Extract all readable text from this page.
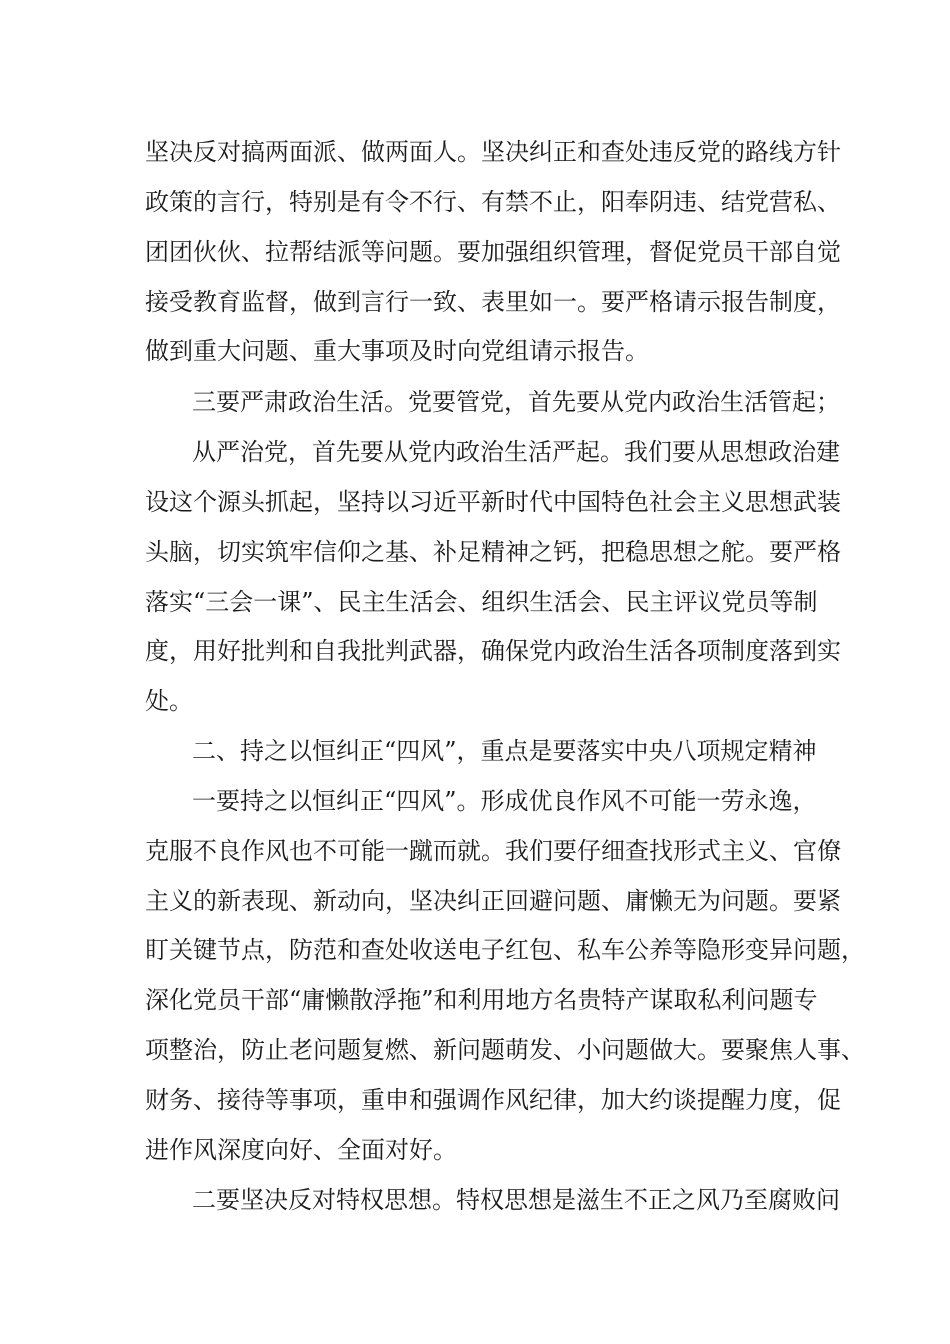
坚决反对搞两面派、做两面人。坚决纠正和查处违反党的路线方针

政策的言行，特别是有令不行、有禁不止，阳奉阴违、结党营私、

团团伙伙、拉帮结派等问题。要加强组织管理，督促党员干部自觉

接受教育监督，做到言行一致、表里如一。要严格请示报告制度，

做到重大问题、重大事项及时向党组请示报告。

三要严肃政治生活。党要管党，首先要从党内政治生活管起；

从严治党，首先要从党内政治生活严起。我们要从思想政治建

设这个源头抓起，坚持以习近平新时代中国特色社会主义思想武装

头脑，切实筑牢信仰之基、补足精神之钙，把稳思想之舵。要严格

落实“三会一课”、民主生活会、组织生活会、民主评议党员等制

度，用好批判和自我批判武器，确保党内政治生活各项制度落到实

处。

二、持之以恒纠正“四风”，重点是要落实中央八项规定精神

一要持之以恒纠正“四风”。形成优良作风不可能一劳永逸，

克服不良作风也不可能一蹴而就。我们要仔细查找形式主义、官僚

主义的新表现、新动向，坚决纠正回避问题、庸懒无为问题。要紧

盯关键节点，防范和查处收送电子红包、私车公养等隐形变异问题，

深化党员干部“庸懒散浮拖”和利用地方名贵特产谋取私利问题专

项整治，防止老问题复燃、新问题萌发、小问题做大。要聚焦人事、

财务、接待等事项，重申和强调作风纪律，加大约谈提醒力度，促

进作风深度向好、全面对好。

二要坚决反对特权思想。特权思想是滋生不正之风乃至腐败问
